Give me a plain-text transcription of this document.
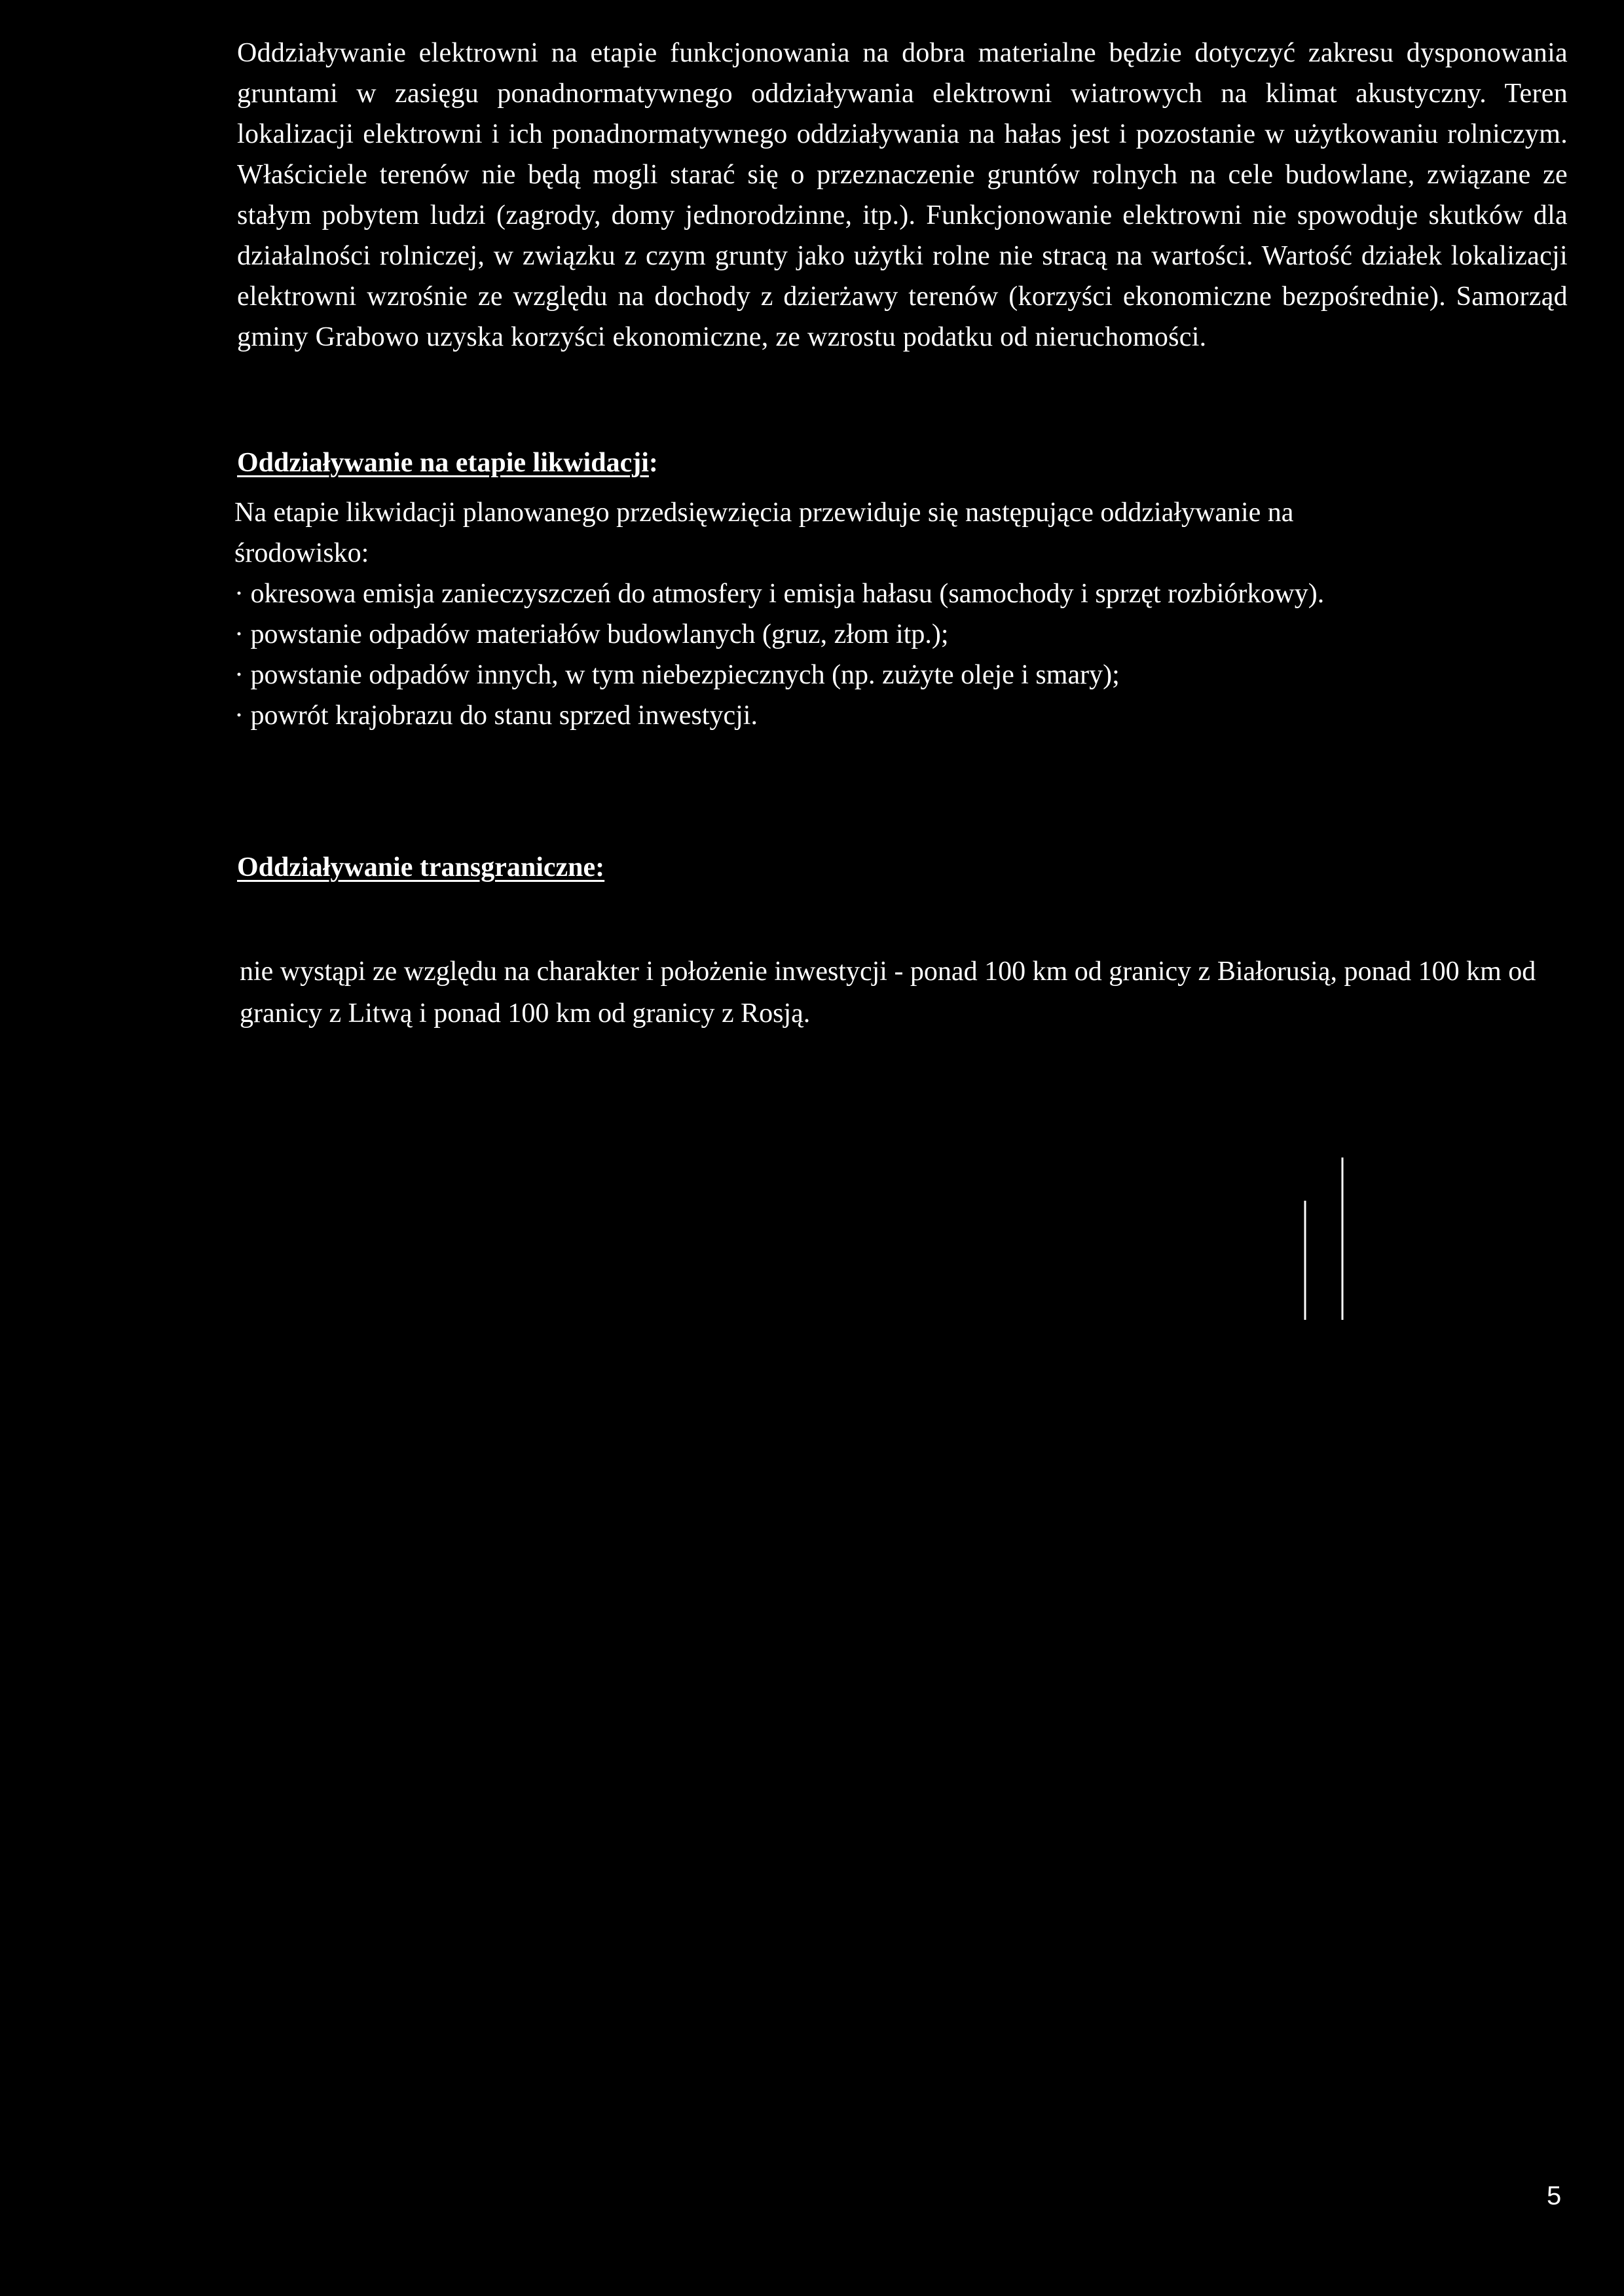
Oddziaływanie elektrowni na etapie funkcjonowania na dobra materialne będzie dotyczyć zakresu dysponowania gruntami w zasięgu ponadnormatywnego oddziaływania elektrowni wiatrowych na klimat akustyczny. Teren lokalizacji elektrowni i ich ponadnormatywnego oddziaływania na hałas jest i pozostanie w użytkowaniu rolniczym. Właściciele terenów nie będą mogli starać się o przeznaczenie gruntów rolnych na cele budowlane, związane ze stałym pobytem ludzi (zagrody, domy jednorodzinne, itp.). Funkcjonowanie elektrowni nie spowoduje skutków dla działalności rolniczej, w związku z czym grunty jako użytki rolne nie stracą na wartości. Wartość działek lokalizacji elektrowni wzrośnie ze względu na dochody z dzierżawy terenów (korzyści ekonomiczne bezpośrednie). Samorząd gminy Grabowo uzyska korzyści ekonomiczne, ze wzrostu podatku od nieruchomości.

Oddziaływanie na etapie likwidacji:

Na etapie likwidacji planowanego przedsięwzięcia przewiduje się następujące oddziaływanie na środowisko:

· okresowa emisja zanieczyszczeń do atmosfery i emisja hałasu (samochody i sprzęt rozbiórkowy).
· powstanie odpadów materiałów budowlanych (gruz, złom itp.);
· powstanie odpadów innych, w tym niebezpiecznych (np. zużyte oleje i smary);
· powrót krajobrazu do stanu sprzed inwestycji.

Oddziaływanie transgraniczne:

nie wystąpi ze względu na charakter i położenie inwestycji - ponad 100 km od granicy z Białorusią, ponad 100 km od granicy z Litwą i ponad 100 km od granicy z Rosją.

5
